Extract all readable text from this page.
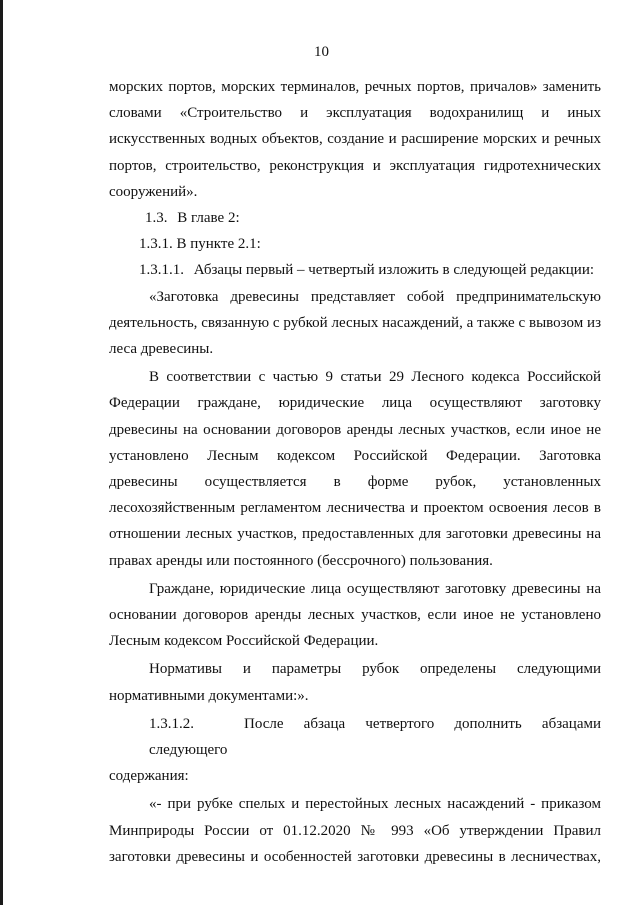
10

морских портов, морских терминалов, речных портов, причалов» заменить
словами «Строительство и эксплуатация водохранилищ и иных
искусственных водных объектов, создание и расширение морских и речных
портов, строительство, реконструкция и эксплуатация гидротехнических
сооружений».

1.3. В главе 2:

1.3.1. В пункте 2.1:

1.3.1.1. Абзацы первый – четвертый изложить в следующей редакции:

«Заготовка древесины представляет собой предпринимательскую
деятельность, связанную с рубкой лесных насаждений, а также с вывозом из
леса древесины.

В соответствии с частью 9 статьи 29 Лесного кодекса Российской
Федерации граждане, юридические лица осуществляют заготовку
древесины на основании договоров аренды лесных участков, если иное не
установлено Лесным кодексом Российской Федерации. Заготовка
древесины осуществляется в форме рубок, установленных
лесохозяйственным регламентом лесничества и проектом освоения лесов в
отношении лесных участков, предоставленных для заготовки древесины на
правах аренды или постоянного (бессрочного) пользования.

Граждане, юридические лица осуществляют заготовку древесины на
основании договоров аренды лесных участков, если иное не установлено
Лесным кодексом Российской Федерации.

Нормативы и параметры рубок определены следующими
нормативными документами:».

1.3.1.2.	После абзаца четвертого дополнить абзацами следующего
содержания:

«- при рубке спелых и перестойных лесных насаждений - приказом
Минприроды России от 01.12.2020 № 993 «Об утверждении Правил
заготовки древесины и особенностей заготовки древесины в лесничествах,
